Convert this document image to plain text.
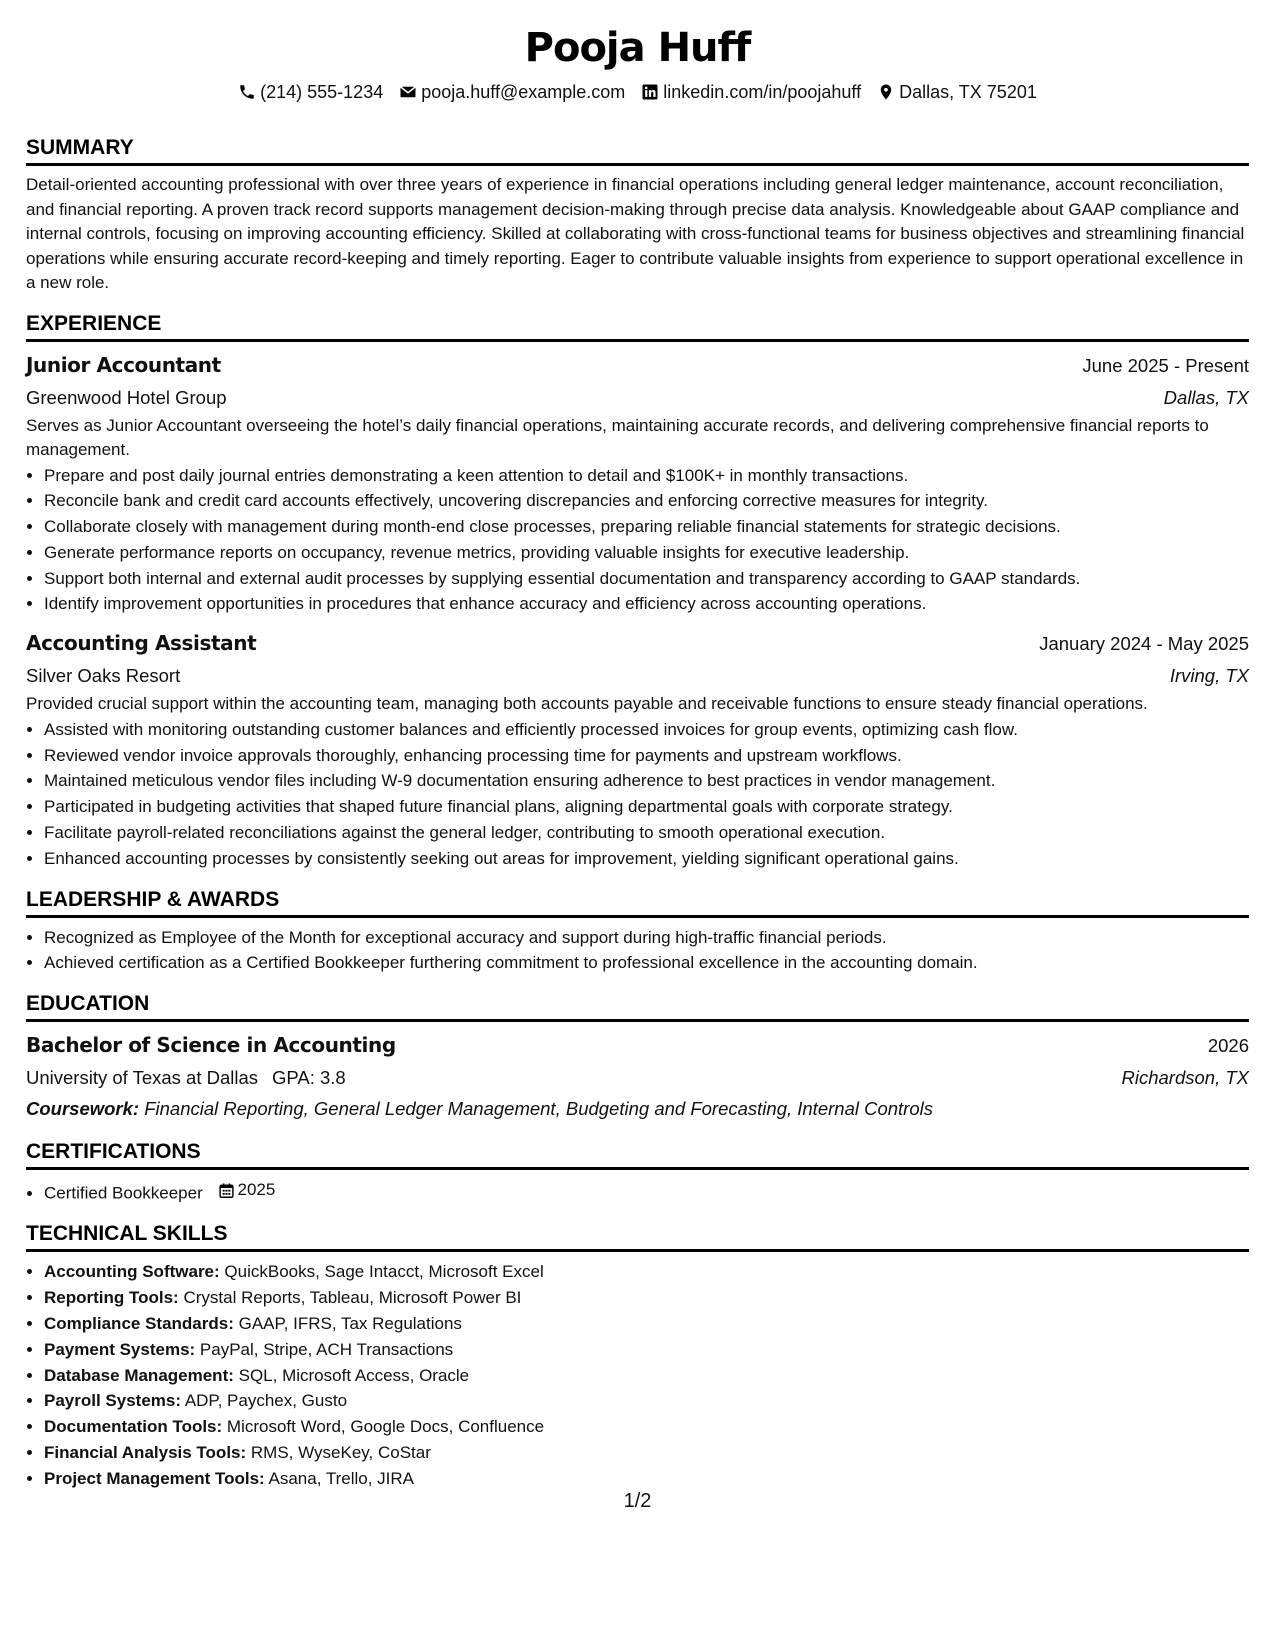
Pooja Huff
(214) 555-1234 pooja.huff@example.com linkedin.com/in/poojahuff Dallas, TX 75201
SUMMARY

Detail-oriented accounting professional with over three years of experience in financial operations including general ledger maintenance, account reconciliation, and financial reporting. A proven track record supports management decision-making through precise data analysis. Knowledgeable about GAAP compliance and internal controls, focusing on improving accounting efficiency. Skilled at collaborating with cross-functional teams for business objectives and streamlining financial operations while ensuring accurate record-keeping and timely reporting. Eager to contribute valuable insights from experience to support operational excellence in a new role.

EXPERIENCE
Junior Accountant	June 2025 - Present
Greenwood Hotel Group	Dallas, TX

Serves as Junior Accountant overseeing the hotel’s daily financial operations, maintaining accurate records, and delivering comprehensive financial reports to management.

• Prepare and post daily journal entries demonstrating a keen attention to detail and $100K+ in monthly transactions.
• Reconcile bank and credit card accounts effectively, uncovering discrepancies and enforcing corrective measures for integrity.
• Collaborate closely with management during month-end close processes, preparing reliable financial statements for strategic decisions.
• Generate performance reports on occupancy, revenue metrics, providing valuable insights for executive leadership.
• Support both internal and external audit processes by supplying essential documentation and transparency according to GAAP standards.
• Identify improvement opportunities in procedures that enhance accuracy and efficiency across accounting operations.
Accounting Assistant	January 2024 - May 2025
Silver Oaks Resort	Irving, TX

Provided crucial support within the accounting team, managing both accounts payable and receivable functions to ensure steady financial operations.

• Assisted with monitoring outstanding customer balances and efficiently processed invoices for group events, optimizing cash flow.
• Reviewed vendor invoice approvals thoroughly, enhancing processing time for payments and upstream workflows.
• Maintained meticulous vendor files including W-9 documentation ensuring adherence to best practices in vendor management.
• Participated in budgeting activities that shaped future financial plans, aligning departmental goals with corporate strategy.
• Facilitate payroll-related reconciliations against the general ledger, contributing to smooth operational execution.
• Enhanced accounting processes by consistently seeking out areas for improvement, yielding significant operational gains.
LEADERSHIP & AWARDS
• Recognized as Employee of the Month for exceptional accuracy and support during high-traffic financial periods.
• Achieved certification as a Certified Bookkeeper furthering commitment to professional excellence in the accounting domain.
EDUCATION
Bachelor of Science in Accounting	2026
University of Texas at Dallas GPA: 3.8	Richardson, TX
Coursework: Financial Reporting, General Ledger Management, Budgeting and Forecasting, Internal Controls
CERTIFICATIONS
• Certified Bookkeeper 2025
TECHNICAL SKILLS
• Accounting Software: QuickBooks, Sage Intacct, Microsoft Excel
• Reporting Tools: Crystal Reports, Tableau, Microsoft Power BI
• Compliance Standards: GAAP, IFRS, Tax Regulations
• Payment Systems: PayPal, Stripe, ACH Transactions
• Database Management: SQL, Microsoft Access, Oracle
• Payroll Systems: ADP, Paychex, Gusto
• Documentation Tools: Microsoft Word, Google Docs, Confluence
• Financial Analysis Tools: RMS, WyseKey, CoStar
• Project Management Tools: Asana, Trello, JIRA
1/2
